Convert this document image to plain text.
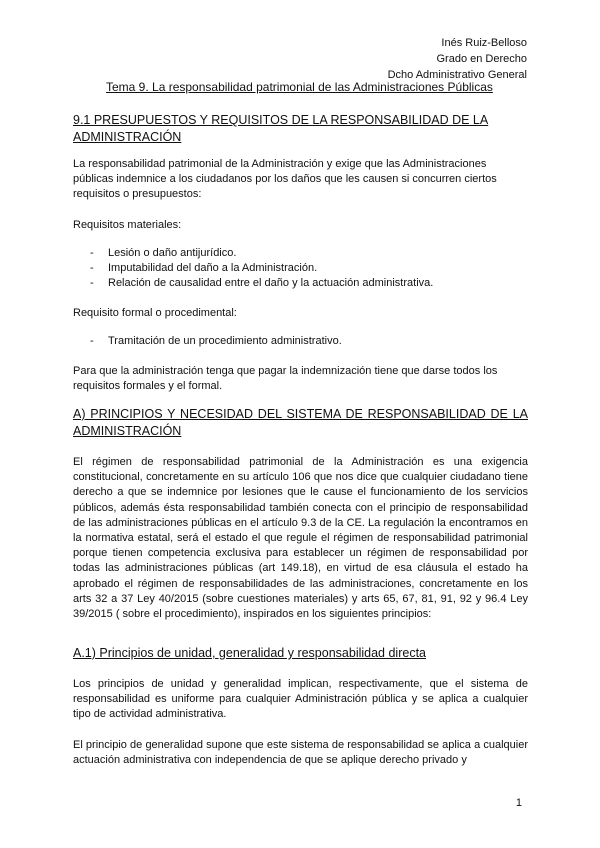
Inés Ruiz-Belloso
Grado en Derecho
Dcho Administrativo General
Tema 9. La responsabilidad patrimonial de las Administraciones Públicas
9.1 PRESUPUESTOS Y REQUISITOS DE LA RESPONSABILIDAD DE LA ADMINISTRACIÓN

La responsabilidad patrimonial de la Administración y exige que las Administraciones públicas indemnice a los ciudadanos por los daños que les causen si concurren ciertos requisitos o presupuestos:

Requisitos materiales:
- Lesión o daño antijurídico.
- Imputabilidad del daño a la Administración.
- Relación de causalidad entre el daño y la actuación administrativa.
Requisito formal o procedimental:
- Tramitación de un procedimiento administrativo.

Para que la administración tenga que pagar la indemnización tiene que darse todos los requisitos formales y el formal.

A) PRINCIPIOS Y NECESIDAD DEL SISTEMA DE RESPONSABILIDAD DE LA ADMINISTRACIÓN

El régimen de responsabilidad patrimonial de la Administración es una exigencia constitucional, concretamente en su artículo 106 que nos dice que cualquier ciudadano tiene derecho a que se indemnice por lesiones que le cause el funcionamiento de los servicios públicos, además ésta responsabilidad también conecta con el principio de responsabilidad de las administraciones públicas en el artículo 9.3 de la CE. La regulación la encontramos en la normativa estatal, será el estado el que regule el régimen de responsabilidad patrimonial porque tienen competencia exclusiva para establecer un régimen de responsabilidad por todas las administraciones públicas (art 149.18), en virtud de esa cláusula el estado ha aprobado el régimen de responsabilidades de las administraciones, concretamente en los arts 32 a 37 Ley 40/2015 (sobre cuestiones materiales) y arts 65, 67, 81, 91, 92 y 96.4 Ley 39/2015 ( sobre el procedimiento), inspirados en los siguientes principios:

A.1) Principios de unidad, generalidad y responsabilidad directa

Los principios de unidad y generalidad implican, respectivamente, que el sistema de responsabilidad es uniforme para cualquier Administración pública y se aplica a cualquier tipo de actividad administrativa.

El principio de generalidad supone que este sistema de responsabilidad se aplica a cualquier actuación administrativa con independencia de que se aplique derecho privado y

1
